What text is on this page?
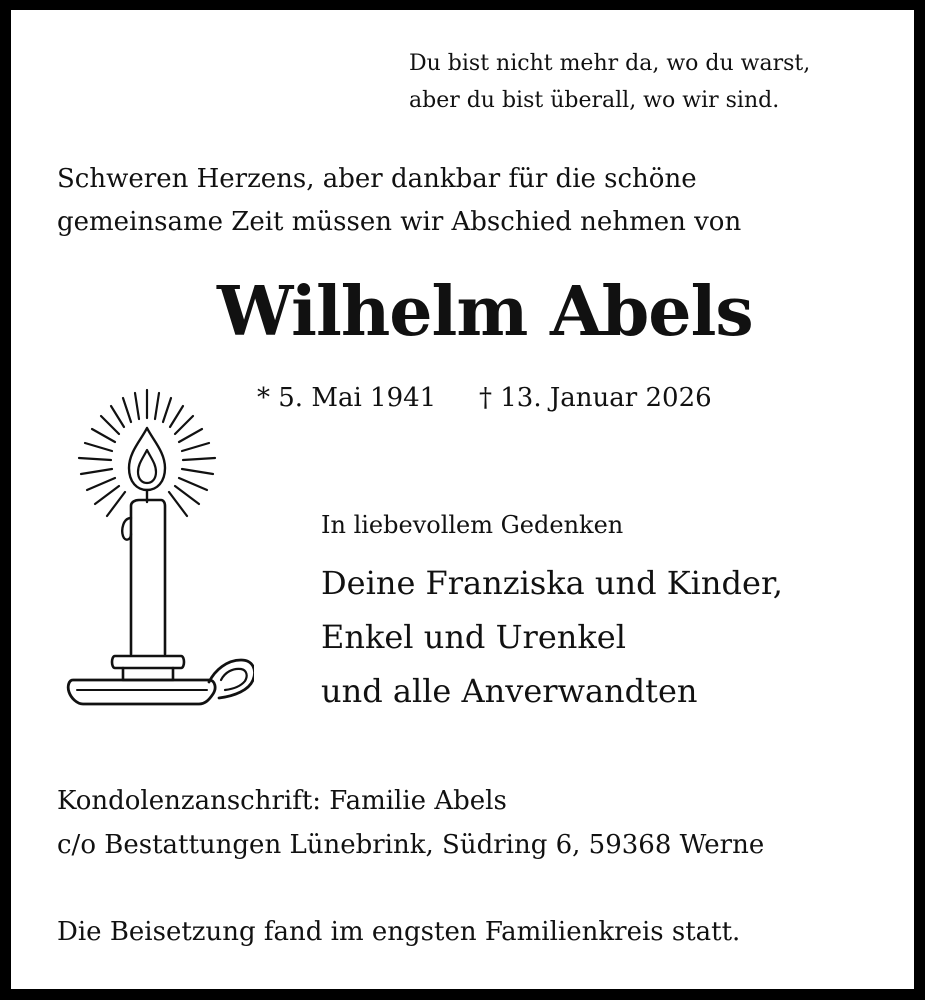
Du bist nicht mehr da, wo du warst,

aber du bist überall, wo wir sind.

Schweren Herzens, aber dankbar für die schöne

gemeinsame Zeit müssen wir Abschied nehmen von

Wilhelm Abels

* 5. Mai 1941 † 13. Januar 2026

In liebevollem Gedenken

Deine Franziska und Kinder,

Enkel und Urenkel

und alle Anverwandten

Kondolenzanschrift: Familie Abels

c/o Bestattungen Lünebrink, Südring 6, 59368 Werne

Die Beisetzung fand im engsten Familienkreis statt.
